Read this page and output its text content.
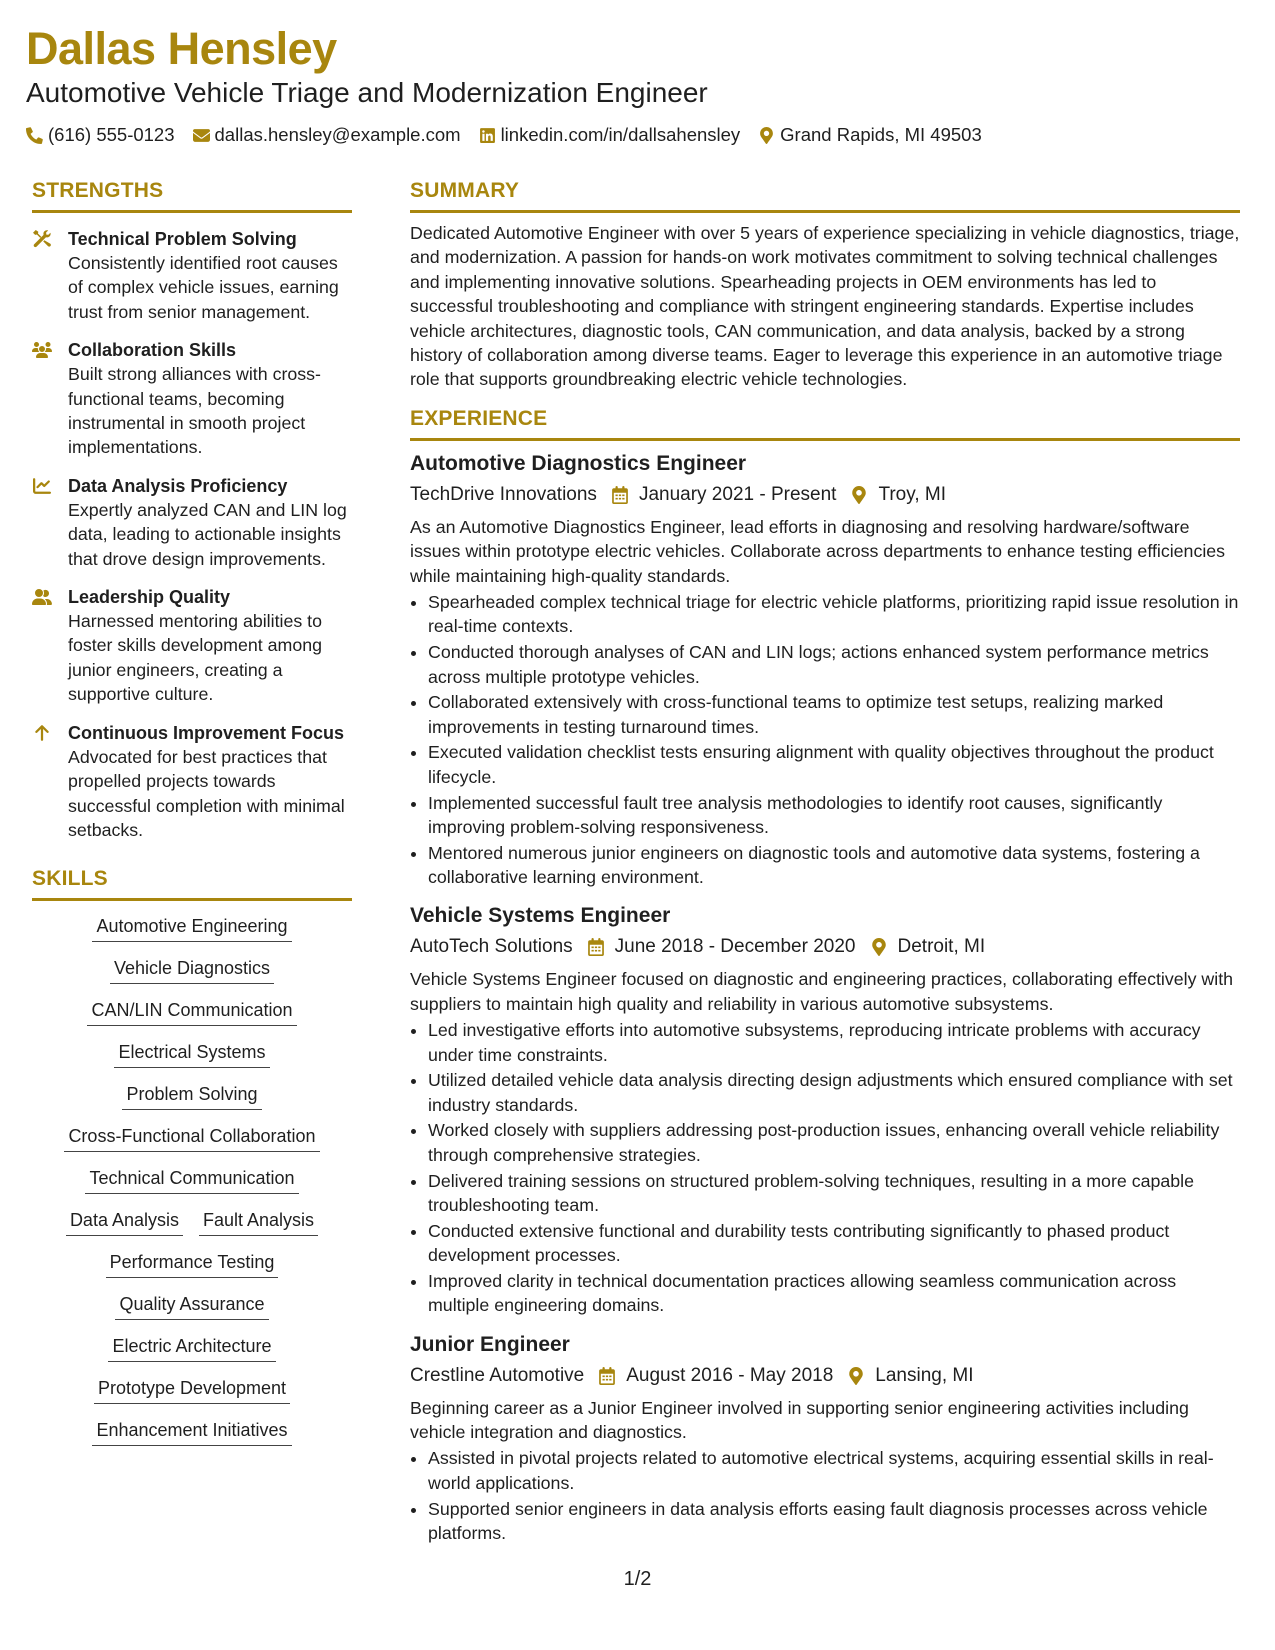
Dallas Hensley
Automotive Vehicle Triage and Modernization Engineer
(616) 555-0123 dallas.hensley@example.com linkedin.com/in/dallsahensley Grand Rapids, MI 49503
STRENGTHS
Technical Problem Solving
Consistently identified root causes of complex vehicle issues, earning trust from senior management.
Collaboration Skills
Built strong alliances with cross-functional teams, becoming instrumental in smooth project implementations.
Data Analysis Proficiency
Expertly analyzed CAN and LIN log data, leading to actionable insights that drove design improvements.
Leadership Quality
Harnessed mentoring abilities to foster skills development among junior engineers, creating a supportive culture.
Continuous Improvement Focus
Advocated for best practices that propelled projects towards successful completion with minimal setbacks.
SKILLS
Automotive Engineering
Vehicle Diagnostics
CAN/LIN Communication
Electrical Systems
Problem Solving
Cross-Functional Collaboration
Technical Communication
Data Analysis Fault Analysis
Performance Testing
Quality Assurance
Electric Architecture
Prototype Development
Enhancement Initiatives
SUMMARY
Dedicated Automotive Engineer with over 5 years of experience specializing in vehicle diagnostics, triage, and modernization. A passion for hands-on work motivates commitment to solving technical challenges and implementing innovative solutions. Spearheading projects in OEM environments has led to successful troubleshooting and compliance with stringent engineering standards. Expertise includes vehicle architectures, diagnostic tools, CAN communication, and data analysis, backed by a strong history of collaboration among diverse teams. Eager to leverage this experience in an automotive triage role that supports groundbreaking electric vehicle technologies.
EXPERIENCE
Automotive Diagnostics Engineer
TechDrive Innovations January 2021 - Present Troy, MI
As an Automotive Diagnostics Engineer, lead efforts in diagnosing and resolving hardware/software issues within prototype electric vehicles. Collaborate across departments to enhance testing efficiencies while maintaining high-quality standards.
• Spearheaded complex technical triage for electric vehicle platforms, prioritizing rapid issue resolution in real-time contexts.
• Conducted thorough analyses of CAN and LIN logs; actions enhanced system performance metrics across multiple prototype vehicles.
• Collaborated extensively with cross-functional teams to optimize test setups, realizing marked improvements in testing turnaround times.
• Executed validation checklist tests ensuring alignment with quality objectives throughout the product lifecycle.
• Implemented successful fault tree analysis methodologies to identify root causes, significantly improving problem-solving responsiveness.
• Mentored numerous junior engineers on diagnostic tools and automotive data systems, fostering a collaborative learning environment.
Vehicle Systems Engineer
AutoTech Solutions June 2018 - December 2020 Detroit, MI
Vehicle Systems Engineer focused on diagnostic and engineering practices, collaborating effectively with suppliers to maintain high quality and reliability in various automotive subsystems.
• Led investigative efforts into automotive subsystems, reproducing intricate problems with accuracy under time constraints.
• Utilized detailed vehicle data analysis directing design adjustments which ensured compliance with set industry standards.
• Worked closely with suppliers addressing post-production issues, enhancing overall vehicle reliability through comprehensive strategies.
• Delivered training sessions on structured problem-solving techniques, resulting in a more capable troubleshooting team.
• Conducted extensive functional and durability tests contributing significantly to phased product development processes.
• Improved clarity in technical documentation practices allowing seamless communication across multiple engineering domains.
Junior Engineer
Crestline Automotive August 2016 - May 2018 Lansing, MI
Beginning career as a Junior Engineer involved in supporting senior engineering activities including vehicle integration and diagnostics.
• Assisted in pivotal projects related to automotive electrical systems, acquiring essential skills in real-world applications.
• Supported senior engineers in data analysis efforts easing fault diagnosis processes across vehicle platforms.
1/2
